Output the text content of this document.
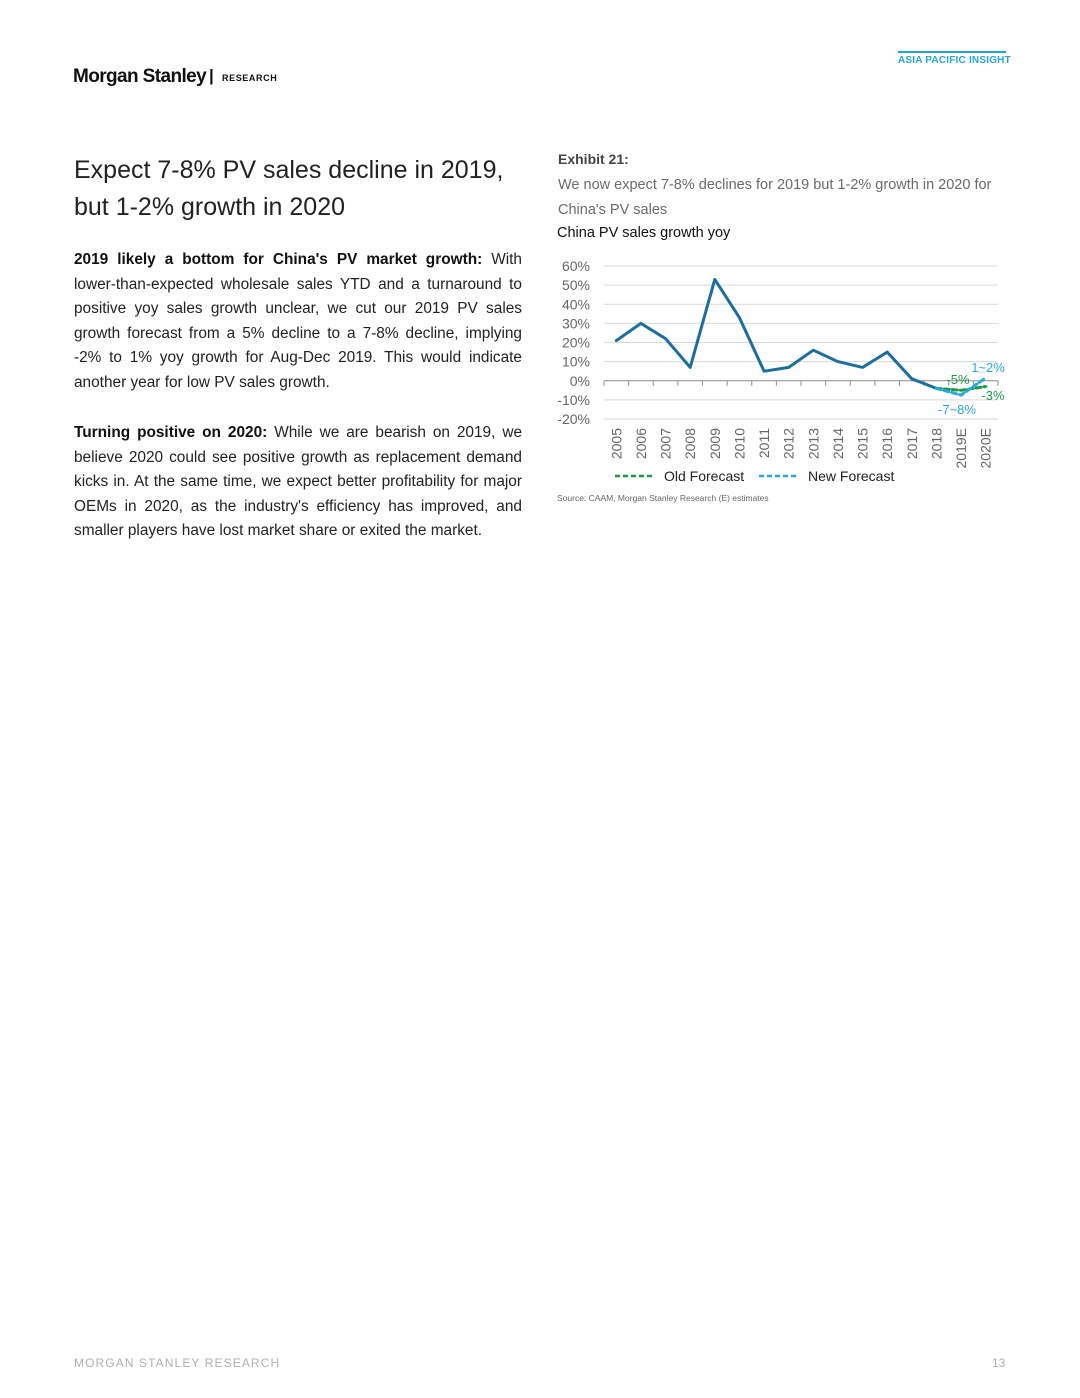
Morgan Stanley | RESEARCH
ASIA PACIFIC INSIGHT
Expect 7-8% PV sales decline in 2019, but 1-2% growth in 2020
2019 likely a bottom for China's PV market growth: With lower-than-expected wholesale sales YTD and a turnaround to positive yoy sales growth unclear, we cut our 2019 PV sales growth forecast from a 5% decline to a 7-8% decline, implying -2% to 1% yoy growth for Aug-Dec 2019. This would indicate another year for low PV sales growth.
Turning positive on 2020: While we are bearish on 2019, we believe 2020 could see positive growth as replacement demand kicks in. At the same time, we expect better profitability for major OEMs in 2020, as the industry's efficiency has improved, and smaller players have lost market share or exited the market.
Exhibit 21:
We now expect 7-8% declines for 2019 but 1-2% growth in 2020 for China's PV sales
China PV sales growth yoy
60%
50%
40%
30%
20%
10%
0%
-10%
-20%
2005 2006 2007 2008 2009 2010 2011 2012 2013 2014 2015 2016 2017 2018 2019E 2020E
1~2%
-5%
-3%
-7~8%
Old Forecast	New Forecast
Source: CAAM, Morgan Stanley Research (E) estimates
MORGAN STANLEY RESEARCH	13
